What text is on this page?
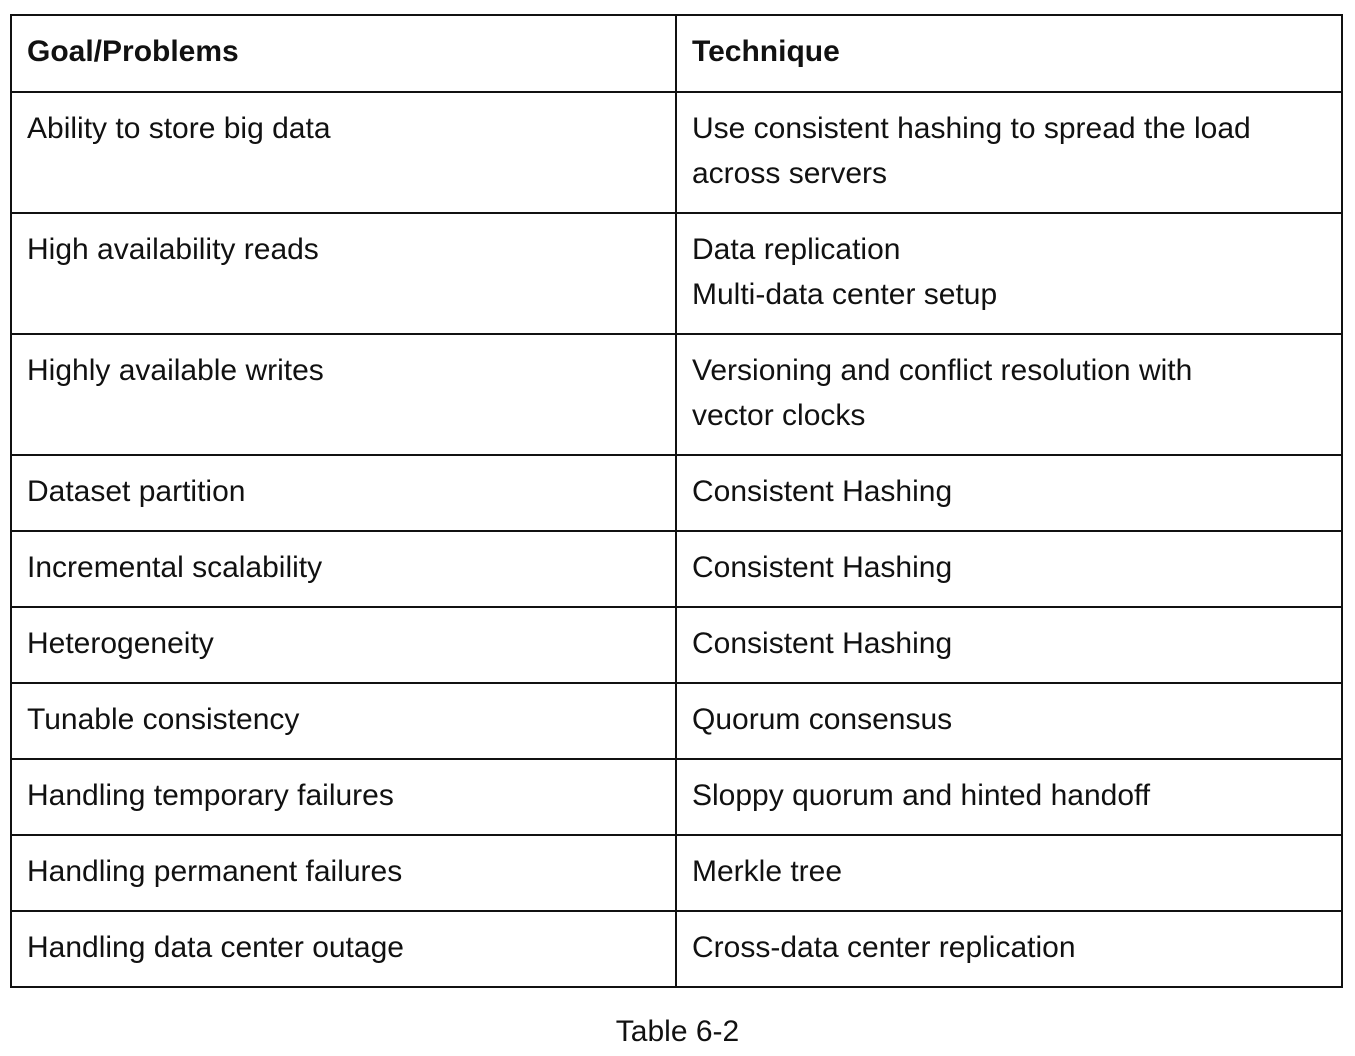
Goal/Problems	Technique
Ability to store big data	Use consistent hashing to spread the load
across servers

High availability reads	Data replication
Multi-data center setup

Highly available writes	Versioning and conflict resolution with
vector clocks

Dataset partition	Consistent Hashing
Incremental scalability	Consistent Hashing
Heterogeneity	Consistent Hashing
Tunable consistency	Quorum consensus
Handling temporary failures	Sloppy quorum and hinted handoff
Handling permanent failures	Merkle tree
Handling data center outage	Cross-data center replication
Table 6-2
